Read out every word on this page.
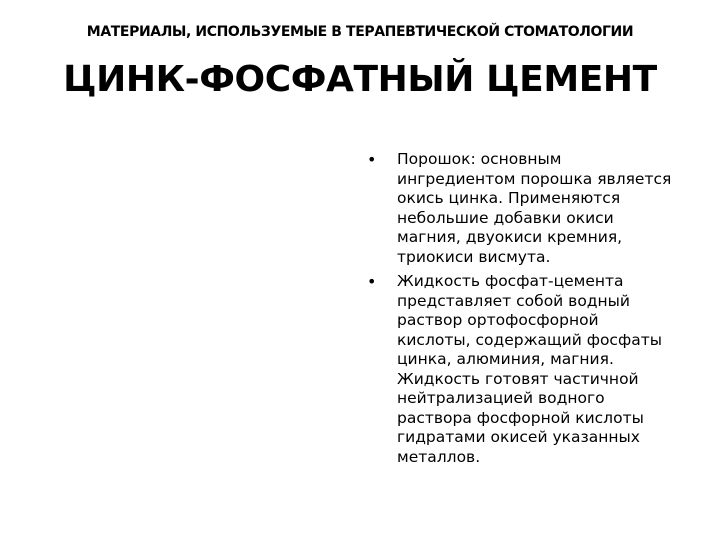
МАТЕРИАЛЫ, ИСПОЛЬЗУЕМЫЕ В ТЕРАПЕВТИЧЕСКОЙ СТОМАТОЛОГИИ
ЦИНК-ФОСФАТНЫЙ ЦЕМЕНТ
• Порошок: основным
ингредиентом порошка является
окись цинка. Применяются
небольшие добавки окиси
магния, двуокиси кремния,
триокиси висмута.
• Жидкость фосфат-цемента
представляет собой водный
раствор ортофосфорной
кислоты, содержащий фосфаты
цинка, алюминия, магния.
Жидкость готовят частичной
нейтрализацией водного
раствора фосфорной кислоты
гидратами окисей указанных
металлов.
